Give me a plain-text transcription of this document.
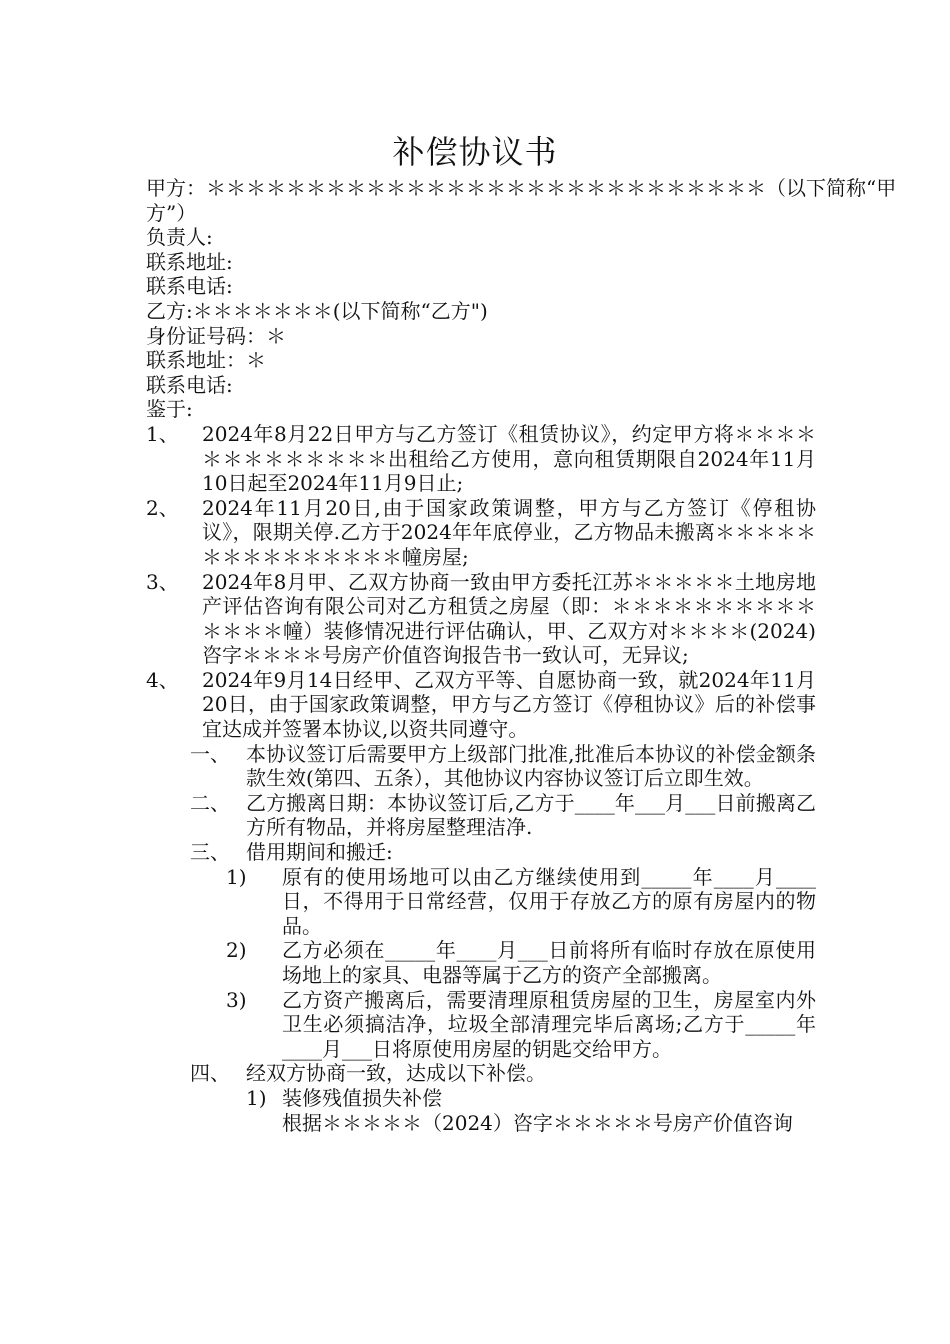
补偿协议书
甲方：＊＊＊＊＊＊＊＊＊＊＊＊＊＊＊＊＊＊＊＊＊＊＊＊＊＊＊＊（以下简称“甲
方”）
负责人:
联系地址:
联系电话:
乙方:＊＊＊＊＊＊＊(以下简称“乙方")
身份证号码：＊
联系地址：＊
联系电话:
鉴于:
1、	2024年8月22日甲方与乙方签订《租赁协议》，约定甲方将＊＊＊＊＊＊＊＊＊＊＊＊＊出租给乙方使用，意向租赁期限自2024年11月10日起至2024年11月9日止;
2、	2024年11月20日,由于国家政策调整，甲方与乙方签订《停租协议》，限期关停.乙方于2024年年底停业，乙方物品未搬离＊＊＊＊＊＊＊＊＊＊＊＊＊＊＊幢房屋;
3、	2024年8月甲、乙双方协商一致由甲方委托江苏＊＊＊＊＊土地房地产评估咨询有限公司对乙方租赁之房屋（即：＊＊＊＊＊＊＊＊＊＊＊＊＊＊幢）装修情况进行评估确认，甲、乙双方对＊＊＊＊(2024)咨字＊＊＊＊号房产价值咨询报告书一致认可，无异议;
4、	2024年9月14日经甲、乙双方平等、自愿协商一致，就2024年11月20日，由于国家政策调整，甲方与乙方签订《停租协议》后的补偿事宜达成并签署本协议,以资共同遵守。
一、 本协议签订后需要甲方上级部门批准,批准后本协议的补偿金额条款生效(第四、五条），其他协议内容协议签订后立即生效。
二、 乙方搬离日期：本协议签订后,乙方于____年___月___日前搬离乙方所有物品，并将房屋整理洁净.
三、 借用期间和搬迁:
1)	原有的使用场地可以由乙方继续使用到_____年____月____日，不得用于日常经营，仅用于存放乙方的原有房屋内的物品。
2)	乙方必须在_____年____月___日前将所有临时存放在原使用场地上的家具、电器等属于乙方的资产全部搬离。
3)	乙方资产搬离后，需要清理原租赁房屋的卫生，房屋室内外卫生必须搞洁净，垃圾全部清理完毕后离场;乙方于_____年____月___日将原使用房屋的钥匙交给甲方。
四、 经双方协商一致，达成以下补偿。
1) 装修残值损失补偿
根据＊＊＊＊＊（2024）咨字＊＊＊＊＊号房产价值咨询
